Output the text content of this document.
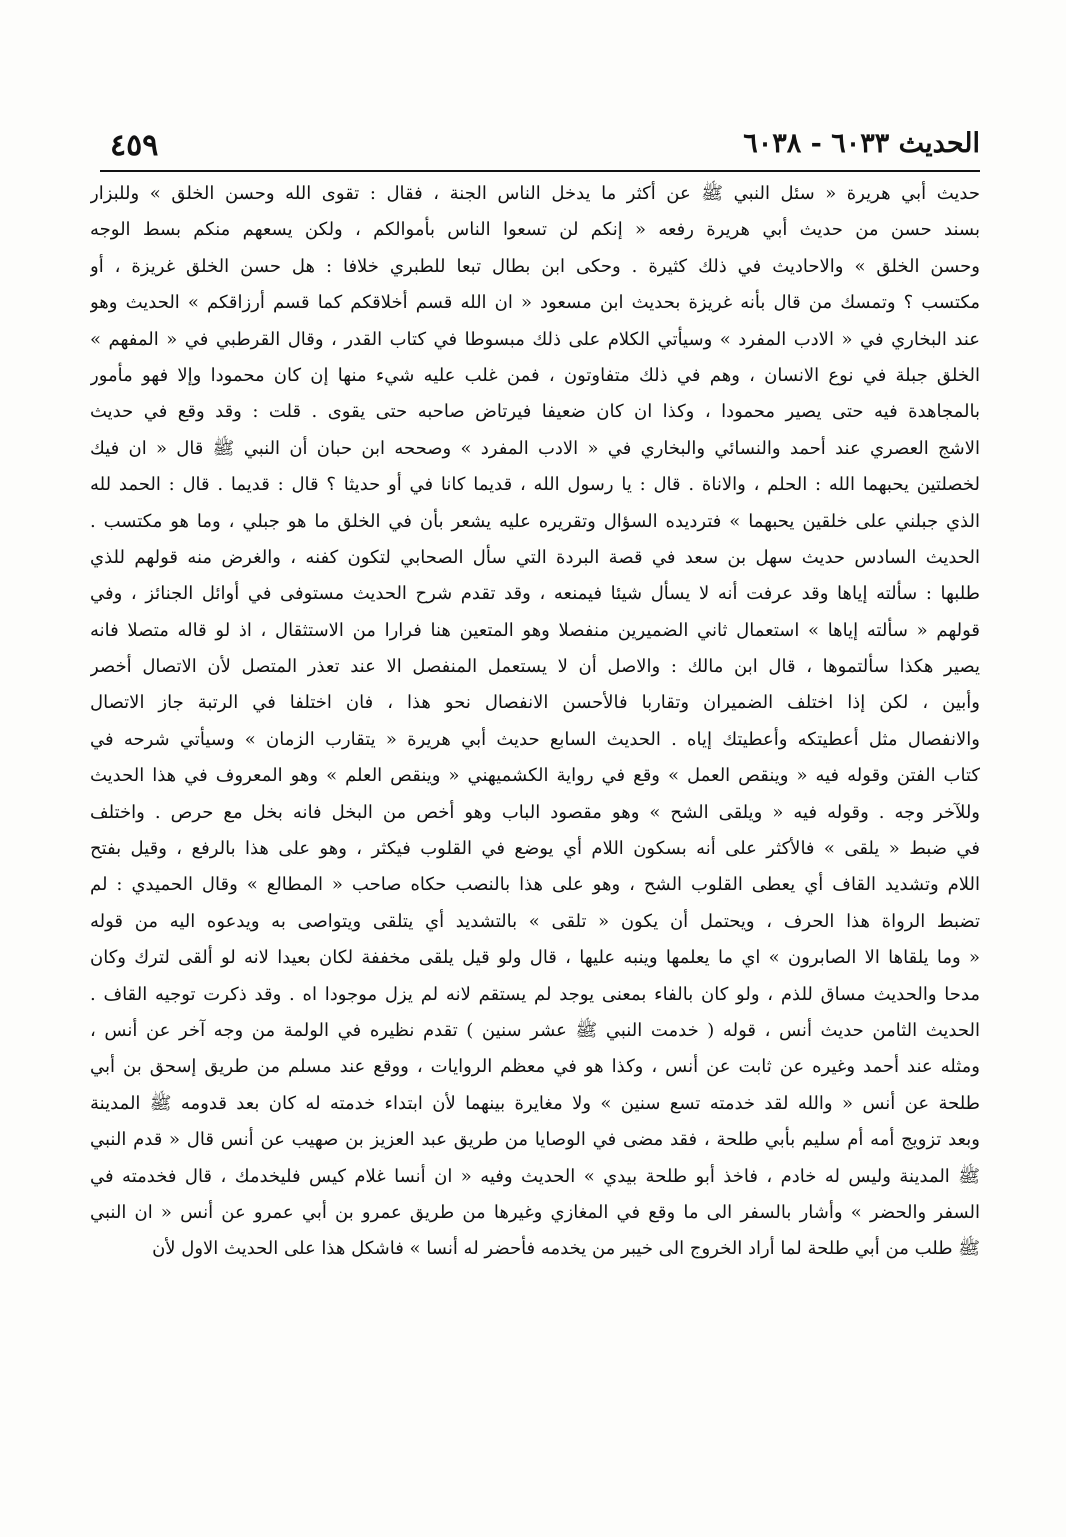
الحديث ٦٠٣٣ - ٦٠٣٨
٤٥٩
حديث أبي هريرة « سئل النبي ﷺ عن أكثر ما يدخل الناس الجنة ، فقال : تقوى الله وحسن الخلق » وللبزار
بسند حسن من حديث أبي هريرة رفعه « إنكم لن تسعوا الناس بأموالكم ، ولكن يسعهم منكم بسط الوجه
وحسن الخلق » والاحاديث في ذلك كثيرة . وحكى ابن بطال تبعا للطبري خلافا : هل حسن الخلق غريزة ، أو
مكتسب ؟ وتمسك من قال بأنه غريزة بحديث ابن مسعود « ان الله قسم أخلاقكم كما قسم أرزاقكم » الحديث وهو
عند البخاري في « الادب المفرد » وسيأتي الكلام على ذلك مبسوطا في كتاب القدر ، وقال القرطبي في « المفهم »
الخلق جبلة في نوع الانسان ، وهم في ذلك متفاوتون ، فمن غلب عليه شيء منها إن كان محمودا وإلا فهو مأمور
بالمجاهدة فيه حتى يصير محمودا ، وكذا ان كان ضعيفا فيرتاض صاحبه حتى يقوى . قلت : وقد وقع في حديث
الاشج العصري عند أحمد والنسائي والبخاري في « الادب المفرد » وصححه ابن حبان أن النبي ﷺ قال « ان فيك
لخصلتين يحبهما الله : الحلم ، والاناة . قال : يا رسول الله ، قديما كانا في أو حديثا ؟ قال : قديما . قال : الحمد لله
الذي جبلني على خلقين يحبهما » فترديده السؤال وتقريره عليه يشعر بأن في الخلق ما هو جبلي ، وما هو مكتسب .
الحديث السادس حديث سهل بن سعد في قصة البردة التي سأل الصحابي لتكون كفنه ، والغرض منه قولهم للذي
طلبها : سألته إياها وقد عرفت أنه لا يسأل شيئا فيمنعه ، وقد تقدم شرح الحديث مستوفى في أوائل الجنائز ، وفي
قولهم « سألته إياها » استعمال ثاني الضميرين منفصلا وهو المتعين هنا فرارا من الاستثقال ، اذ لو قاله متصلا فانه
يصير هكذا سألتموها ، قال ابن مالك : والاصل أن لا يستعمل المنفصل الا عند تعذر المتصل لأن الاتصال أخصر
وأبين ، لكن إذا اختلف الضميران وتقاربا فالأحسن الانفصال نحو هذا ، فان اختلفا في الرتبة جاز الاتصال
والانفصال مثل أعطيتكه وأعطيتك إياه . الحديث السابع حديث أبي هريرة « يتقارب الزمان » وسيأتي شرحه في
كتاب الفتن وقوله فيه « وينقص العمل » وقع في رواية الكشميهني « وينقص العلم » وهو المعروف في هذا الحديث
وللآخر وجه . وقوله فيه « ويلقى الشح » وهو مقصود الباب وهو أخص من البخل فانه بخل مع حرص . واختلف
في ضبط « يلقى » فالأكثر على أنه بسكون اللام أي يوضع في القلوب فيكثر ، وهو على هذا بالرفع ، وقيل بفتح
اللام وتشديد القاف أي يعطى القلوب الشح ، وهو على هذا بالنصب حكاه صاحب « المطالع » وقال الحميدي : لم
تضبط الرواة هذا الحرف ، ويحتمل أن يكون « تلقى » بالتشديد أي يتلقى ويتواصى به ويدعوه اليه من قوله
« وما يلقاها الا الصابرون » اي ما يعلمها وينبه عليها ، قال ولو قيل يلقى مخففة لكان بعيدا لانه لو ألقى لترك وكان
مدحا والحديث مساق للذم ، ولو كان بالفاء بمعنى يوجد لم يستقم لانه لم يزل موجودا اه . وقد ذكرت توجيه القاف .
الحديث الثامن حديث أنس ، قوله ( خدمت النبي ﷺ عشر سنين ) تقدم نظيره في الولمة من وجه آخر عن أنس ،
ومثله عند أحمد وغيره عن ثابت عن أنس ، وكذا هو في معظم الروايات ، ووقع عند مسلم من طريق إسحق بن أبي
طلحة عن أنس « والله لقد خدمته تسع سنين » ولا مغايرة بينهما لأن ابتداء خدمته له كان بعد قدومه ﷺ المدينة
وبعد تزويج أمه أم سليم بأبي طلحة ، فقد مضى في الوصايا من طريق عبد العزيز بن صهيب عن أنس قال « قدم النبي
ﷺ المدينة وليس له خادم ، فاخذ أبو طلحة بيدي » الحديث وفيه « ان أنسا غلام كيس فليخدمك ، قال فخدمته في
السفر والحضر » وأشار بالسفر الى ما وقع في المغازي وغيرها من طريق عمرو بن أبي عمرو عن أنس « ان النبي
ﷺ طلب من أبي طلحة لما أراد الخروج الى خيبر من يخدمه فأحضر له أنسا » فاشكل هذا على الحديث الاول لأن
